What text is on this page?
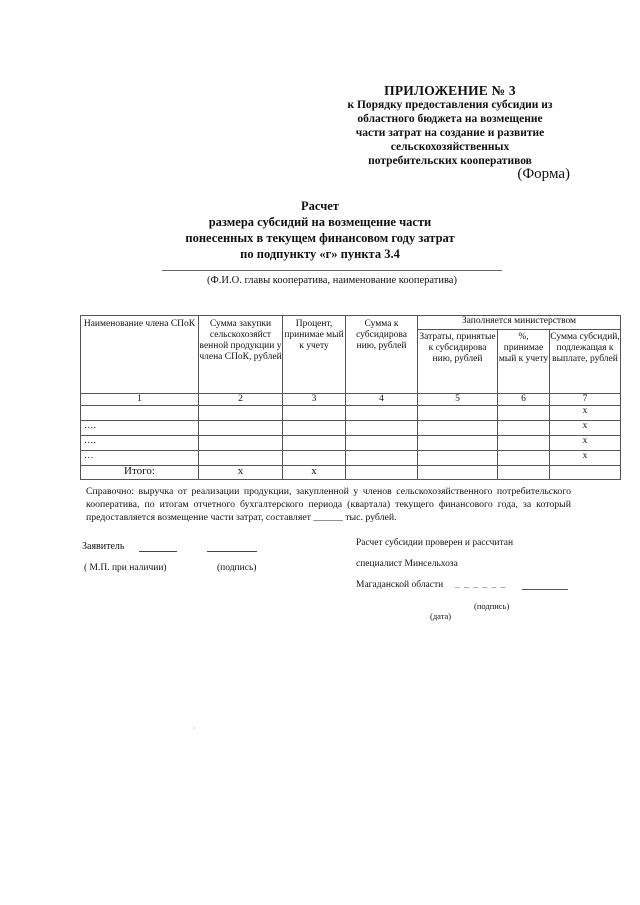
ПРИЛОЖЕНИЕ № 3
к Порядку предоставления субсидии из
областного бюджета на возмещение
части затрат на создание и развитие
сельскохозяйственных
потребительских кооперативов
(Форма)
Расчет
размера субсидий на возмещение части
понесенных в текущем финансовом году затрат
по подпункту «г» пункта 3.4
(Ф.И.О. главы кооператива, наименование кооператива)
Наименование члена СПоК	Сумма закупки сельскохозяйст венной продукции у члена СПоК, рублей	Процент, принимае мый к учету	Сумма к субсидирова нию, рублей	Заполняется министерством		
				Затраты, принятые к субсидирова нию, рублей	%, принимае мый к учету	Сумма субсидий, подлежащая к выплате, рублей
1	2	3	4	5	6	7
						х
….						х
….						х
…						х
Итого:	х	х				
Справочно: выручка от реализации продукции, закупленной у членов сельскохозяйственного потребительского кооператива, по итогам отчетного бухгалтерского периода (квартала) текущего финансового года, за который предоставляется возмещение части затрат, составляет ______ тыс. рублей.
Заявитель
( М.П. при наличии)	(подпись)
Расчет субсидии проверен и рассчитан
специалист Минсельхоза
Магаданской области _ _ _ _ _ _
(подпись)
(дата)
·
